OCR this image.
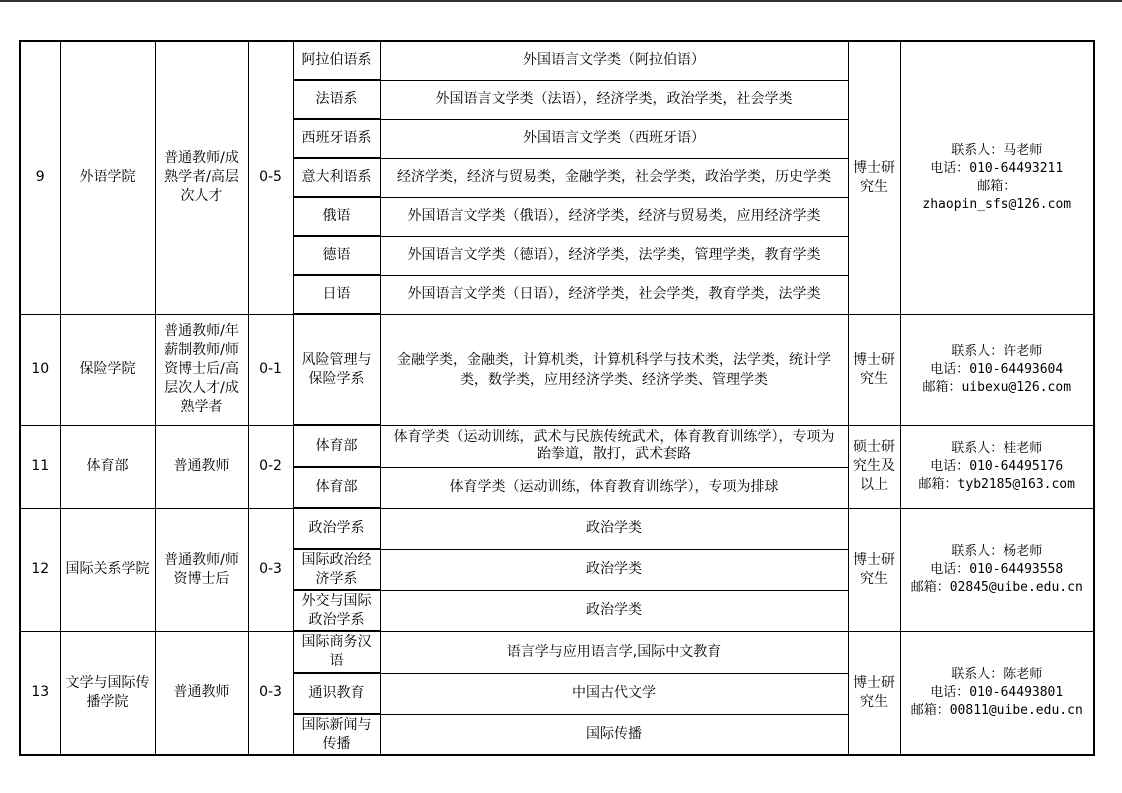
9	外语学院	普通教师/成熟学者/高层次人才	0-5	阿拉伯语系	外国语言文学类（阿拉伯语）	博士研究生	联系人：马老师
电话：010-64493211
邮箱：
zhaopin_sfs@126.com

				法语系	外国语言文学类（法语），经济学类，政治学类，社会学类		
				西班牙语系	外国语言文学类（西班牙语）		
				意大利语系	经济学类，经济与贸易类，金融学类，社会学类，政治学类，历史学类		
				俄语	外国语言文学类（俄语），经济学类，经济与贸易类，应用经济学类		
				德语	外国语言文学类（德语），经济学类，法学类，管理学类，教育学类		
				日语	外国语言文学类（日语），经济学类，社会学类，教育学类，法学类		
10	保险学院	普通教师/年薪制教师/师资博士后/高层次人才/成熟学者	0-1	风险管理与保险学系	金融学类，金融类，计算机类，计算机科学与技术类，法学类，统计学类，数学类，应用经济学类、经济学类、管理学类	博士研究生	联系人：许老师
电话：010-64493604
邮箱：uibexu@126.com

11	体育部	普通教师	0-2	体育部	体育学类（运动训练，武术与民族传统武术，体育教育训练学），专项为跆拳道，散打，武术套路	硕士研究生及以上	联系人：桂老师
电话：010-64495176
邮箱：tyb2185@163.com

				体育部	体育学类（运动训练，体育教育训练学），专项为排球		
12	国际关系学院	普通教师/师资博士后	0-3	政治学系	政治学类	博士研究生	联系人：杨老师
电话：010-64493558
邮箱：02845@uibe.edu.cn

				国际政治经济学系	政治学类		
				外交与国际政治学系	政治学类		
13	文学与国际传播学院	普通教师	0-3	国际商务汉语	语言学与应用语言学,国际中文教育	博士研究生	联系人：陈老师
电话：010-64493801
邮箱：00811@uibe.edu.cn

				通识教育	中国古代文学		
				国际新闻与传播	国际传播		
